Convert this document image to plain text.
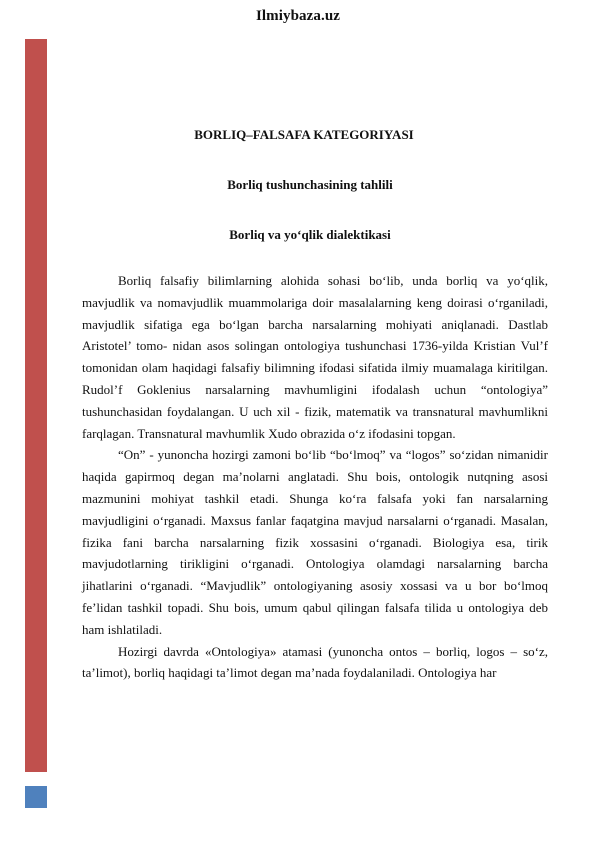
Ilmiybaza.uz
BORLIQ–FALSAFA KATEGORIYASI
Borliq tushunchasining tahlili
Borliq va yo‘qlik dialektikasi

Borliq falsafiy bilimlarning alohida sohasi bo‘lib, unda borliq va yo‘qlik, mavjudlik va nomavjudlik muammolariga doir masalalarning keng doirasi o‘rganiladi, mavjudlik sifatiga ega bo‘lgan barcha narsalarning mohiyati aniqlanadi. Dastlab Aristotel’ tomo- nidan asos solingan ontologiya tushunchasi 1736-yilda Kristian Vul’f tomonidan olam haqidagi falsafiy bilimning ifodasi sifatida ilmiy muamalaga kiritilgan. Rudol’f Goklenius narsalarning mavhumligini ifodalash uchun “ontologiya” tushunchasidan foydalangan. U uch xil - fizik, matematik va transnatural mavhumlikni farqlagan. Transnatural mavhumlik Xudo obrazida o‘z ifodasini topgan.

“On” - yunoncha hozirgi zamoni bo‘lib “bo‘lmoq” va “logos” so‘zidan nimanidir haqida gapirmoq degan ma’nolarni anglatadi. Shu bois, ontologik nutqning asosi mazmunini mohiyat tashkil etadi. Shunga ko‘ra falsafa yoki fan narsalarning mavjudligini o‘rganadi. Maxsus fanlar faqatgina mavjud narsalarni o‘rganadi. Masalan, fizika fani barcha narsalarning fizik xossasini o‘rganadi. Biologiya esa, tirik mavjudotlarning tirikligini o‘rganadi. Ontologiya olamdagi narsalarning barcha jihatlarini o‘rganadi. “Mavjudlik” ontologiyaning asosiy xossasi va u bor bo‘lmoq fe’lidan tashkil topadi. Shu bois, umum qabul qilingan falsafa tilida u ontologiya deb ham ishlatiladi.

Hozirgi davrda «Ontologiya» atamasi (yunoncha ontos – borliq, logos – so‘z, ta’limot), borliq haqidagi ta’limot degan ma’nada foydalaniladi. Ontologiya har
